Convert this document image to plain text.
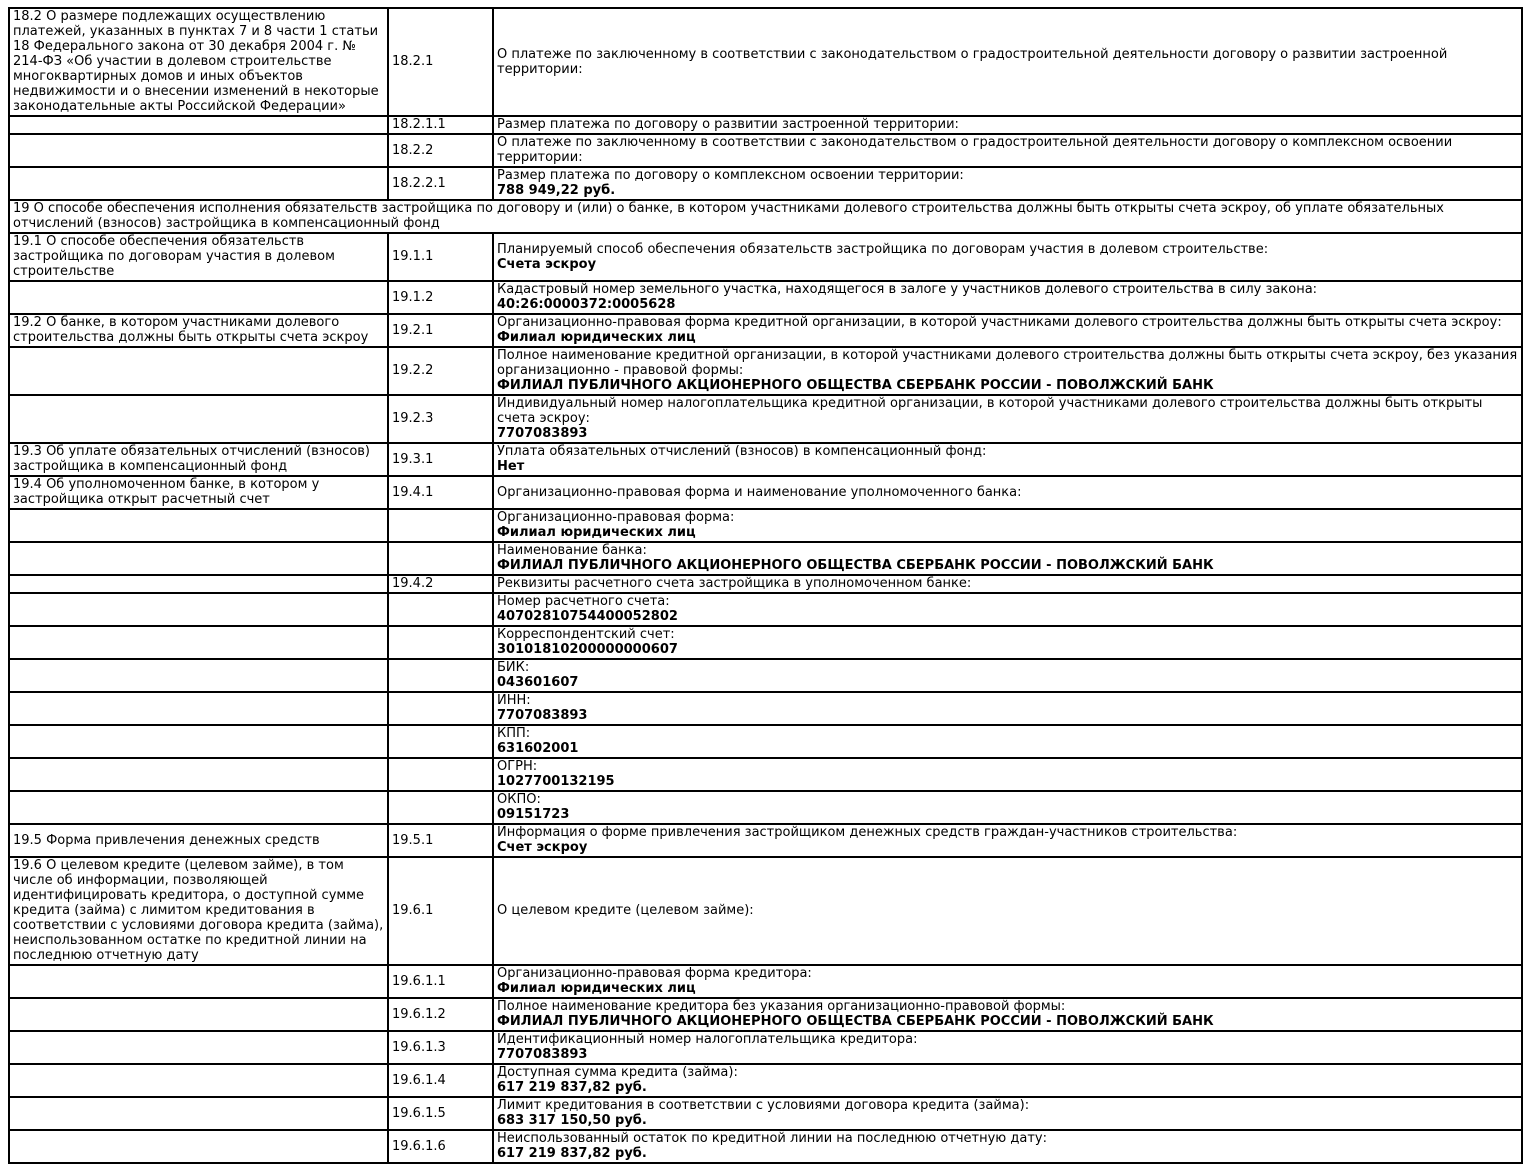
18.2 О размере подлежащих осуществлению платежей, указанных в пунктах 7 и 8 части 1 статьи 18 Федерального закона от 30 декабря 2004 г. № 214-ФЗ «Об участии в долевом строительстве многоквартирных домов и иных объектов недвижимости и о внесении изменений в некоторые законодательные акты Российской Федерации»	18.2.1	О платеже по заключенному в соответствии с законодательством о градостроительной деятельности договору о развитии застроенной территории:

	18.2.1.1	Размер платежа по договору о развитии застроенной территории:

	18.2.2	О платеже по заключенному в соответствии с законодательством о градостроительной деятельности договору о комплексном освоении территории:

	18.2.2.1	Размер платежа по договору о комплексном освоении территории:
788 949,22 руб.

19 О способе обеспечения исполнения обязательств застройщика по договору и (или) о банке, в котором участниками долевого строительства должны быть открыты счета эскроу, об уплате обязательных отчислений (взносов) застройщика в компенсационный фонд		
19.1 О способе обеспечения обязательств застройщика по договорам участия в долевом строительстве	19.1.1	Планируемый способ обеспечения обязательств застройщика по договорам участия в долевом строительстве:
Счета эскроу

	19.1.2	Кадастровый номер земельного участка, находящегося в залоге у участников долевого строительства в силу закона:
40:26:0000372:0005628

19.2 О банке, в котором участниками долевого строительства должны быть открыты счета эскроу	19.2.1	Организационно-правовая форма кредитной организации, в которой участниками долевого строительства должны быть открыты счета эскроу:
Филиал юридических лиц

	19.2.2	Полное наименование кредитной организации, в которой участниками долевого строительства должны быть открыты счета эскроу, без указания организационно - правовой формы:
ФИЛИАЛ ПУБЛИЧНОГО АКЦИОНЕРНОГО ОБЩЕСТВА СБЕРБАНК РОССИИ - ПОВОЛЖСКИЙ БАНК

	19.2.3	Индивидуальный номер налогоплательщика кредитной организации, в которой участниками долевого строительства должны быть открыты счета эскроу:
7707083893

19.3 Об уплате обязательных отчислений (взносов) застройщика в компенсационный фонд	19.3.1	Уплата обязательных отчислений (взносов) в компенсационный фонд:
Нет

19.4 Об уполномоченном банке, в котором у застройщика открыт расчетный счет	19.4.1	Организационно-правовая форма и наименование уполномоченного банка:

		Организационно-правовая форма:
Филиал юридических лиц

		Наименование банка:
ФИЛИАЛ ПУБЛИЧНОГО АКЦИОНЕРНОГО ОБЩЕСТВА СБЕРБАНК РОССИИ - ПОВОЛЖСКИЙ БАНК

	19.4.2	Реквизиты расчетного счета застройщика в уполномоченном банке:

		Номер расчетного счета:
40702810754400052802

		Корреспондентский счет:
30101810200000000607

		БИК:
043601607

		ИНН:
7707083893

		КПП:
631602001

		ОГРН:
1027700132195

		ОКПО:
09151723

19.5 Форма привлечения денежных средств	19.5.1	Информация о форме привлечения застройщиком денежных средств граждан-участников строительства:
Счет эскроу

19.6 О целевом кредите (целевом займе), в том числе об информации, позволяющей идентифицировать кредитора, о доступной сумме кредита (займа) с лимитом кредитования в соответствии с условиями договора кредита (займа), неиспользованном остатке по кредитной линии на последнюю отчетную дату	19.6.1	О целевом кредите (целевом займе):

	19.6.1.1	Организационно-правовая форма кредитора:
Филиал юридических лиц

	19.6.1.2	Полное наименование кредитора без указания организационно-правовой формы:
ФИЛИАЛ ПУБЛИЧНОГО АКЦИОНЕРНОГО ОБЩЕСТВА СБЕРБАНК РОССИИ - ПОВОЛЖСКИЙ БАНК

	19.6.1.3	Идентификационный номер налогоплательщика кредитора:
7707083893

	19.6.1.4	Доступная сумма кредита (займа):
617 219 837,82 руб.

	19.6.1.5	Лимит кредитования в соответствии с условиями договора кредита (займа):
683 317 150,50 руб.

	19.6.1.6	Неиспользованный остаток по кредитной линии на последнюю отчетную дату:
617 219 837,82 руб.
